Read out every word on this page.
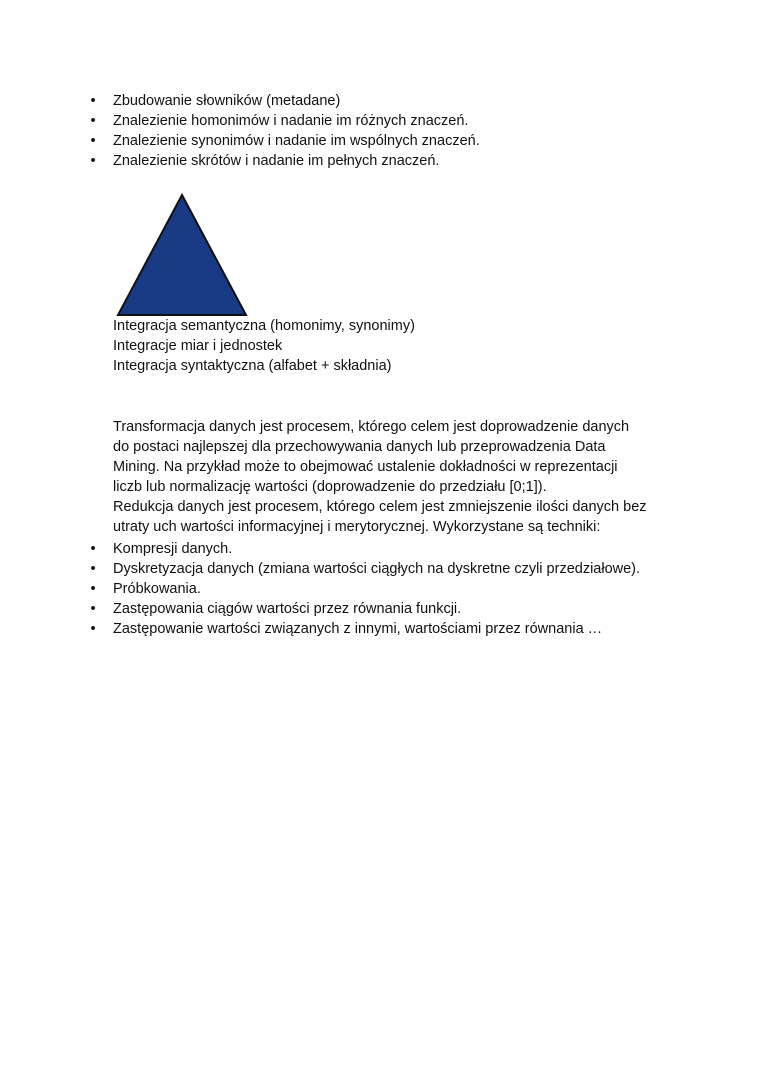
• Zbudowanie słowników (metadane)
• Znalezienie homonimów i nadanie im różnych znaczeń.
• Znalezienie synonimów i nadanie im wspólnych znaczeń.
• Znalezienie skrótów i nadanie im pełnych znaczeń.
Integracja semantyczna (homonimy, synonimy)
Integracje miar i jednostek
Integracja syntaktyczna (alfabet + składnia)
Transformacja danych jest procesem, którego celem jest doprowadzenie danych
do postaci najlepszej dla przechowywania danych lub przeprowadzenia Data
Mining. Na przykład może to obejmować ustalenie dokładności w reprezentacji
liczb lub normalizację wartości (doprowadzenie do przedziału [0;1]).
Redukcja danych jest procesem, którego celem jest zmniejszenie ilości danych bez
utraty uch wartości informacyjnej i merytorycznej. Wykorzystane są techniki:
• Kompresji danych.
• Dyskretyzacja danych (zmiana wartości ciągłych na dyskretne czyli przedziałowe).
• Próbkowania.
• Zastępowania ciągów wartości przez równania funkcji.
• Zastępowanie wartości związanych z innymi, wartościami przez równania …
